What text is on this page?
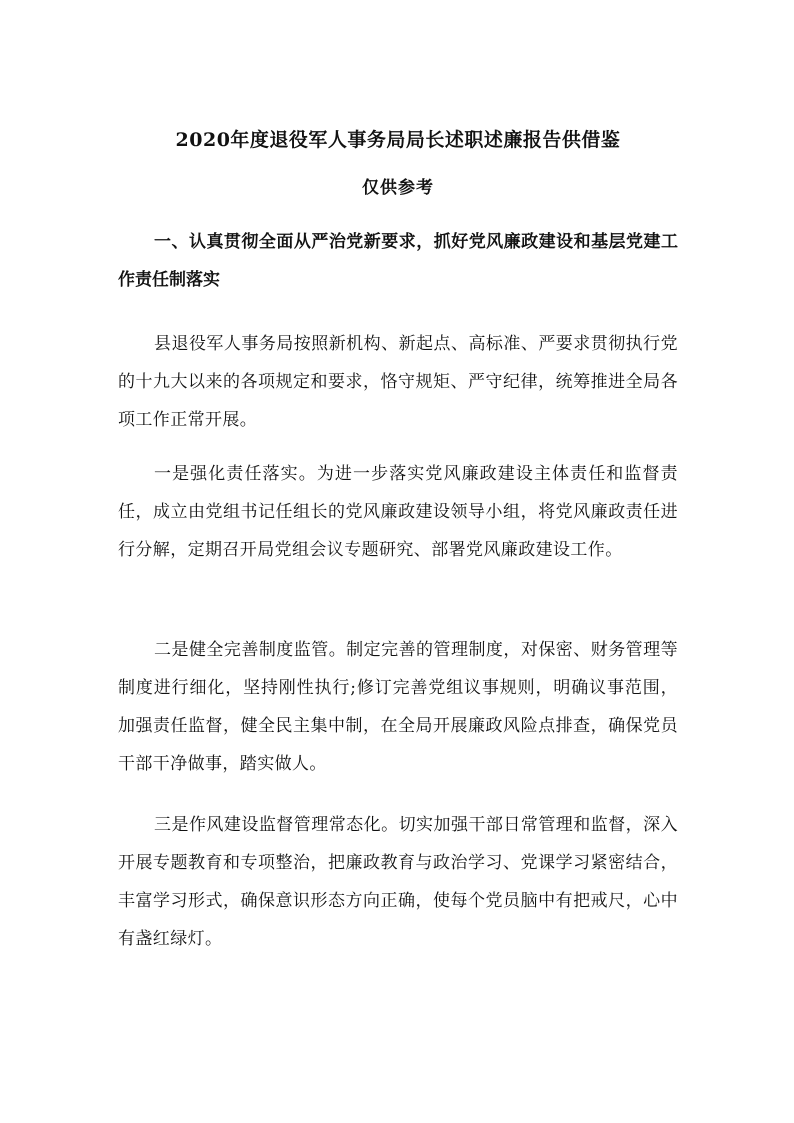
2020年度退役军人事务局局长述职述廉报告供借鉴
仅供参考
一、认真贯彻全面从严治党新要求，抓好党风廉政建设和基层党建工作责任制落实

县退役军人事务局按照新机构、新起点、高标准、严要求贯彻执行党的十九大以来的各项规定和要求，恪守规矩、严守纪律，统筹推进全局各项工作正常开展。

一是强化责任落实。为进一步落实党风廉政建设主体责任和监督责任，成立由党组书记任组长的党风廉政建设领导小组，将党风廉政责任进行分解，定期召开局党组会议专题研究、部署党风廉政建设工作。

二是健全完善制度监管。制定完善的管理制度，对保密、财务管理等制度进行细化，坚持刚性执行;修订完善党组议事规则，明确议事范围，加强责任监督，健全民主集中制，在全局开展廉政风险点排查，确保党员干部干净做事，踏实做人。

三是作风建设监督管理常态化。切实加强干部日常管理和监督，深入开展专题教育和专项整治，把廉政教育与政治学习、党课学习紧密结合，丰富学习形式，确保意识形态方向正确，使每个党员脑中有把戒尺，心中有盏红绿灯。
